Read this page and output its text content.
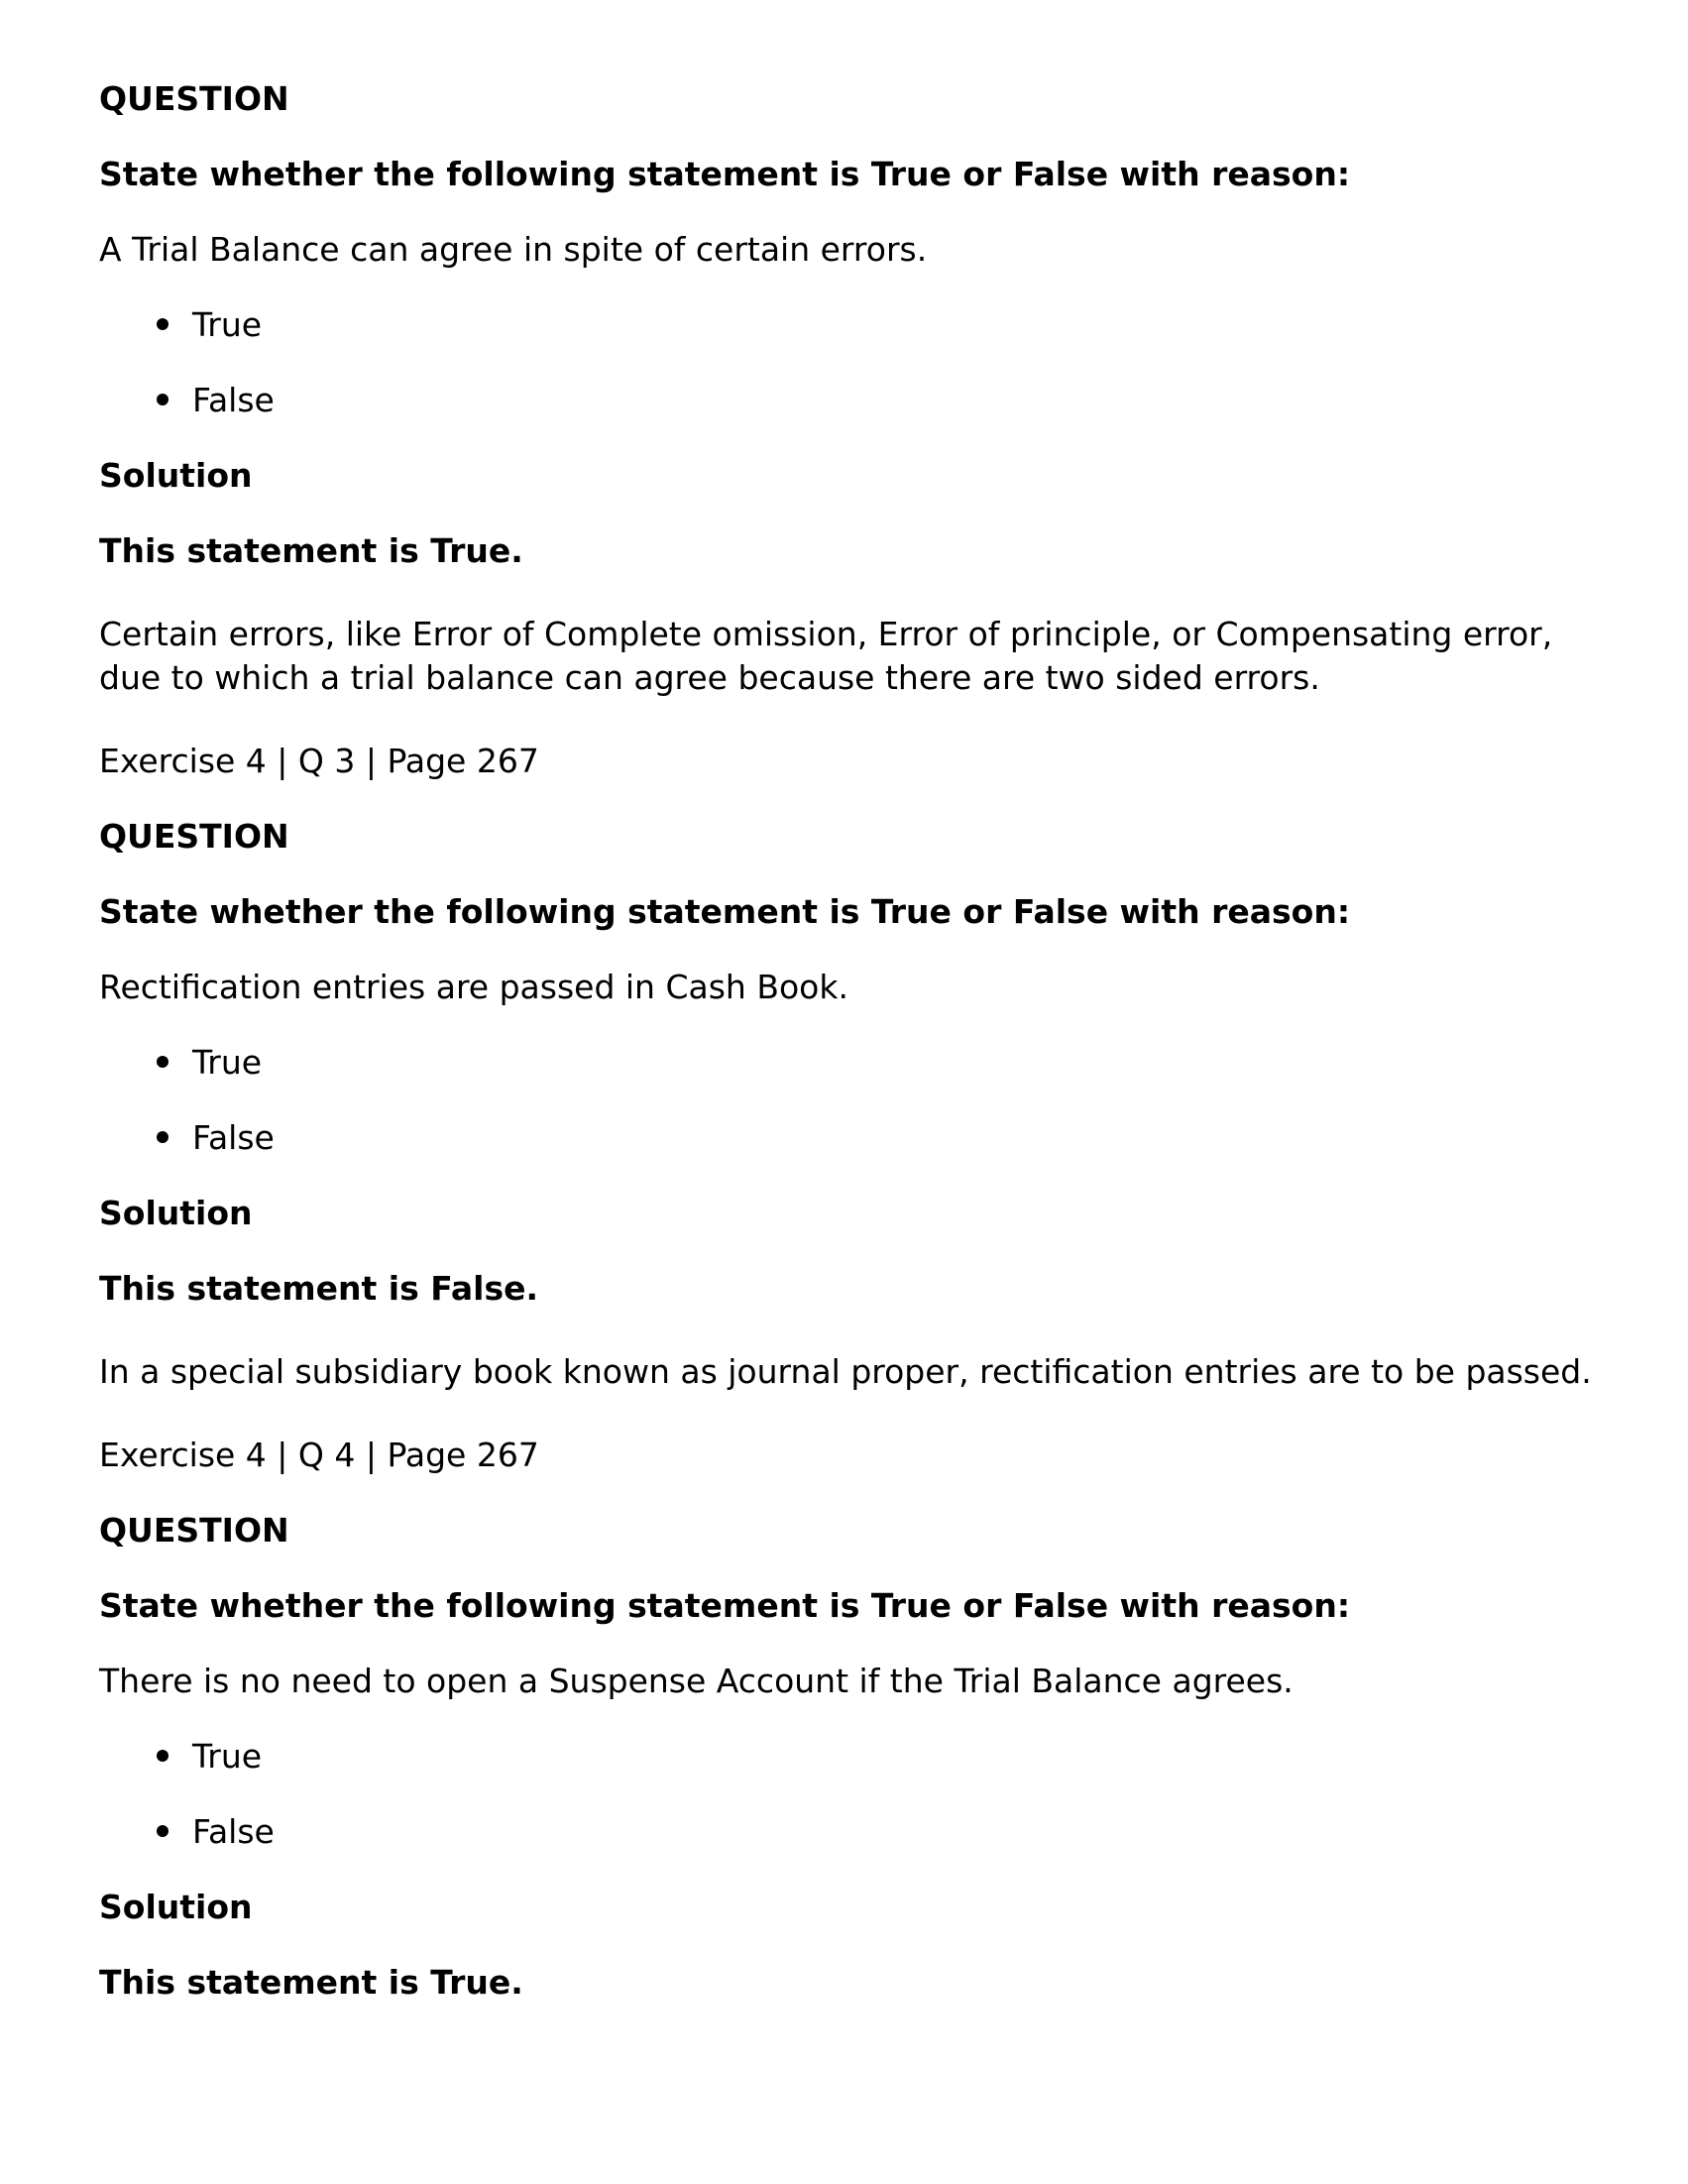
QUESTION

State whether the following statement is True or False with reason:

A Trial Balance can agree in spite of certain errors.

True
False

Solution

This statement is True.

Certain errors, like Error of Complete omission, Error of principle, or Compensating error, due to which a trial balance can agree because there are two sided errors.

Exercise 4 | Q 3 | Page 267

QUESTION

State whether the following statement is True or False with reason:

Rectification entries are passed in Cash Book.

True
False

Solution

This statement is False.

In a special subsidiary book known as journal proper, rectification entries are to be passed.

Exercise 4 | Q 4 | Page 267

QUESTION

State whether the following statement is True or False with reason:

There is no need to open a Suspense Account if the Trial Balance agrees.

True
False

Solution

This statement is True.
